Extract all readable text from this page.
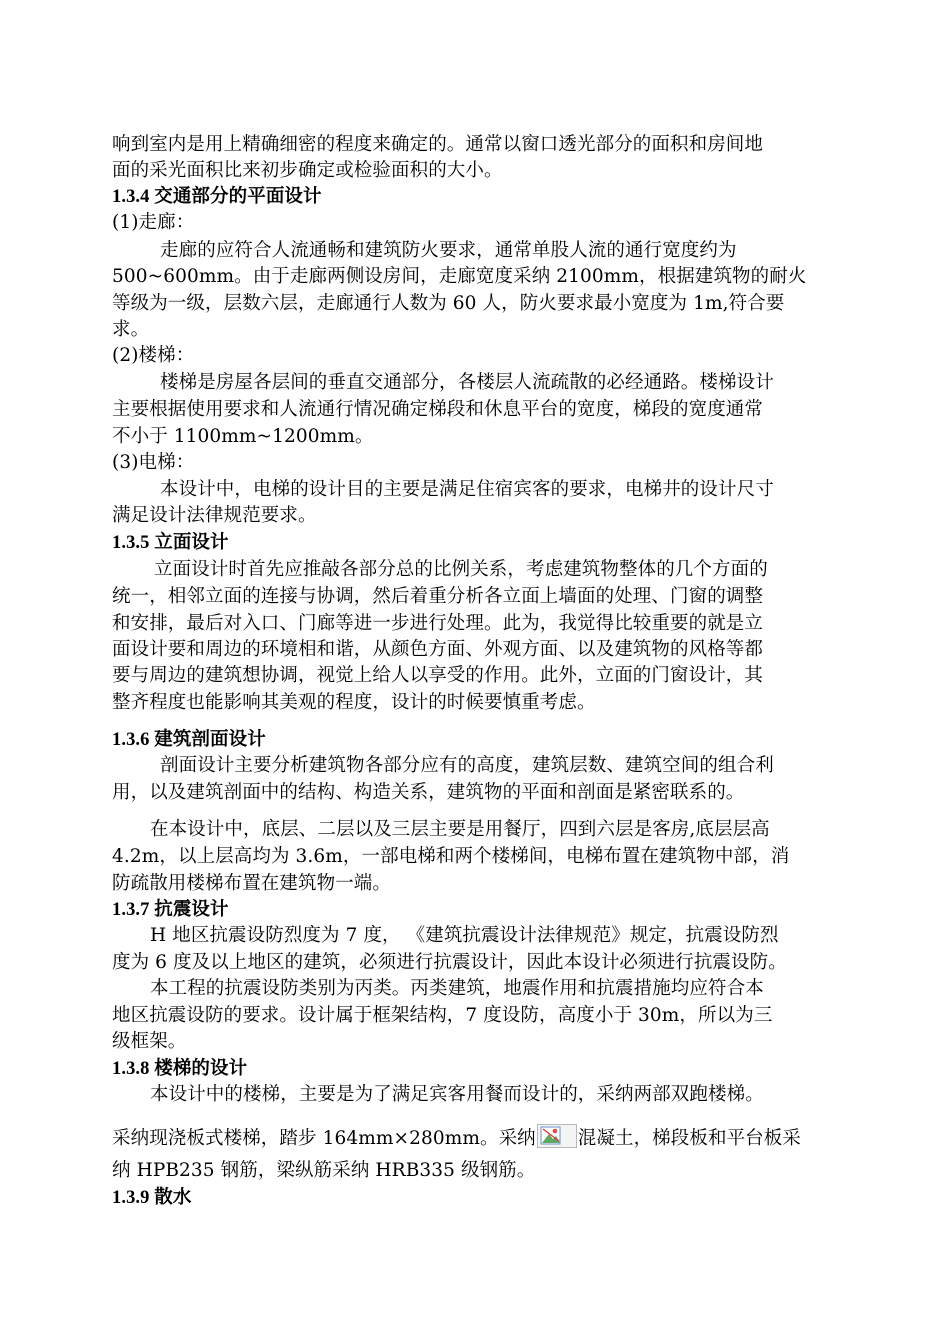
响到室内是用上精确细密的程度来确定的。通常以窗口透光部分的面积和房间地
面的采光面积比来初步确定或检验面积的大小。
1.3.4 交通部分的平面设计
(1)走廊：
走廊的应符合人流通畅和建筑防火要求，通常单股人流的通行宽度约为
500~600mm。由于走廊两侧设房间，走廊宽度采纳 2100mm，根据建筑物的耐火
等级为一级，层数六层，走廊通行人数为 60 人，防火要求最小宽度为 1m,符合要
求。
(2)楼梯：
楼梯是房屋各层间的垂直交通部分，各楼层人流疏散的必经通路。楼梯设计
主要根据使用要求和人流通行情况确定梯段和休息平台的宽度，梯段的宽度通常
不小于 1100mm~1200mm。
(3)电梯：
本设计中，电梯的设计目的主要是满足住宿宾客的要求，电梯井的设计尺寸
满足设计法律规范要求。
1.3.5 立面设计
立面设计时首先应推敲各部分总的比例关系，考虑建筑物整体的几个方面的
统一，相邻立面的连接与协调，然后着重分析各立面上墙面的处理、门窗的调整
和安排，最后对入口、门廊等进一步进行处理。此为，我觉得比较重要的就是立
面设计要和周边的环境相和谐，从颜色方面、外观方面、以及建筑物的风格等都
要与周边的建筑想协调，视觉上给人以享受的作用。此外，立面的门窗设计，其
整齐程度也能影响其美观的程度，设计的时候要慎重考虑。
1.3.6 建筑剖面设计
剖面设计主要分析建筑物各部分应有的高度，建筑层数、建筑空间的组合利
用，以及建筑剖面中的结构、构造关系，建筑物的平面和剖面是紧密联系的。
在本设计中，底层、二层以及三层主要是用餐厅，四到六层是客房,底层层高
4.2m，以上层高均为 3.6m，一部电梯和两个楼梯间，电梯布置在建筑物中部，消
防疏散用楼梯布置在建筑物一端。
1.3.7 抗震设计
H 地区抗震设防烈度为 7 度， 《建筑抗震设计法律规范》规定，抗震设防烈
度为 6 度及以上地区的建筑，必须进行抗震设计，因此本设计必须进行抗震设防。
本工程的抗震设防类别为丙类。丙类建筑，地震作用和抗震措施均应符合本
地区抗震设防的要求。设计属于框架结构，7 度设防，高度小于 30m，所以为三
级框架。
1.3.8 楼梯的设计
本设计中的楼梯，主要是为了满足宾客用餐而设计的，采纳两部双跑楼梯。
采纳现浇板式楼梯，踏步 164mm×280mm。采纳 混凝土，梯段板和平台板采
纳 HPB235 钢筋，梁纵筋采纳 HRB335 级钢筋。
1.3.9 散水
